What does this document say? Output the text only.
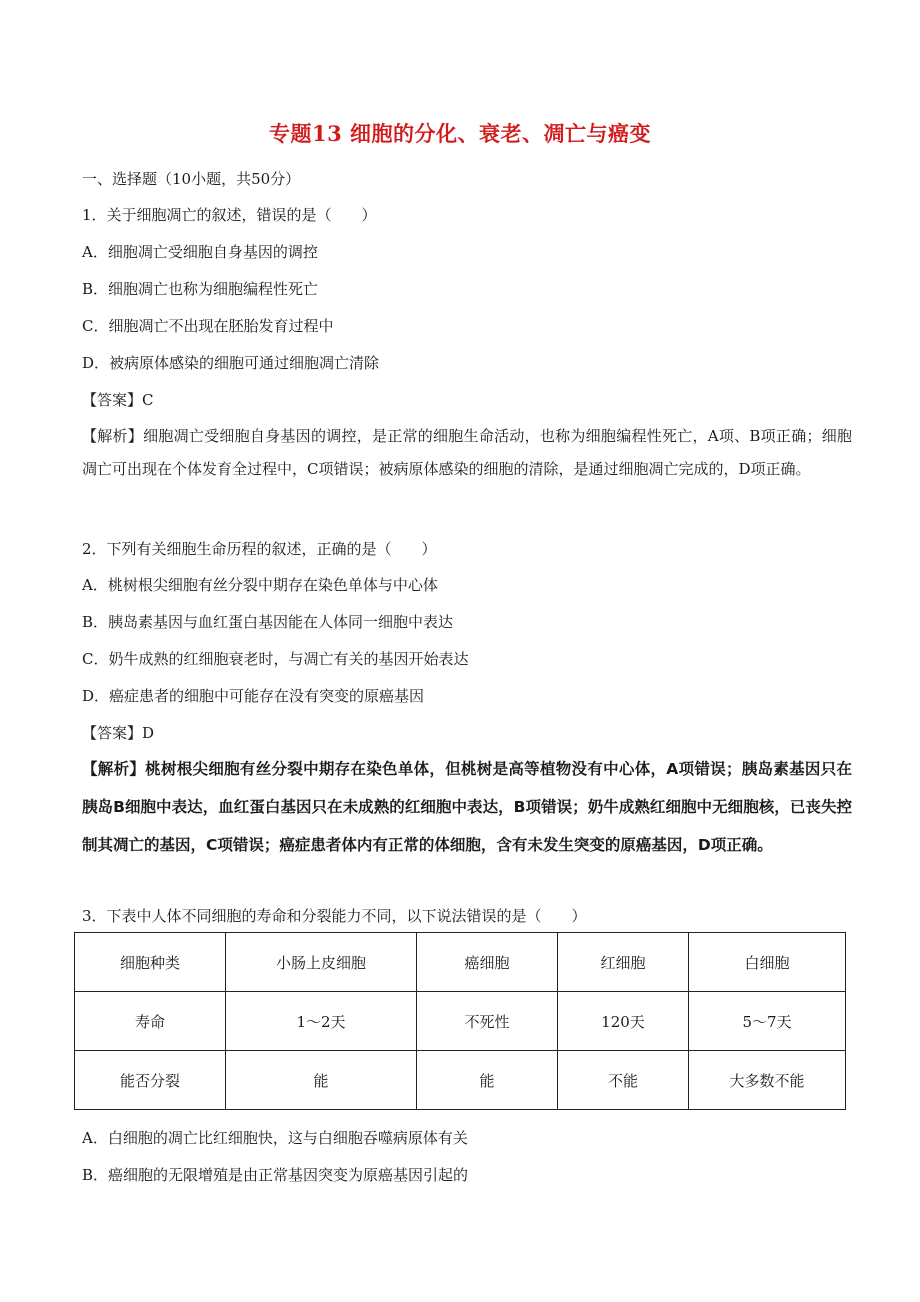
专题13 细胞的分化、衰老、凋亡与癌变
一、选择题（10小题，共50分）
1．关于细胞凋亡的叙述，错误的是（　　）
A．细胞凋亡受细胞自身基因的调控
B．细胞凋亡也称为细胞编程性死亡
C．细胞凋亡不出现在胚胎发育过程中
D．被病原体感染的细胞可通过细胞凋亡清除
【答案】C
【解析】细胞凋亡受细胞自身基因的调控，是正常的细胞生命活动，也称为细胞编程性死亡，A项、B项正确；细胞凋亡可出现在个体发育全过程中，C项错误；被病原体感染的细胞的清除，是通过细胞凋亡完成的，D项正确。
2．下列有关细胞生命历程的叙述，正确的是（　　）
A．桃树根尖细胞有丝分裂中期存在染色单体与中心体
B．胰岛素基因与血红蛋白基因能在人体同一细胞中表达
C．奶牛成熟的红细胞衰老时，与凋亡有关的基因开始表达
D．癌症患者的细胞中可能存在没有突变的原癌基因
【答案】D
【解析】桃树根尖细胞有丝分裂中期存在染色单体，但桃树是高等植物没有中心体，A项错误；胰岛素基因只在胰岛B细胞中表达，血红蛋白基因只在未成熟的红细胞中表达，B项错误；奶牛成熟红细胞中无细胞核，已丧失控制其凋亡的基因，C项错误；癌症患者体内有正常的体细胞，含有未发生突变的原癌基因，D项正确。
3．下表中人体不同细胞的寿命和分裂能力不同，以下说法错误的是（　　）
细胞种类	小肠上皮细胞	癌细胞	红细胞	白细胞
寿命	1～2天	不死性	120天	5～7天
能否分裂	能	能	不能	大多数不能
A．白细胞的凋亡比红细胞快，这与白细胞吞噬病原体有关
B．癌细胞的无限增殖是由正常基因突变为原癌基因引起的
